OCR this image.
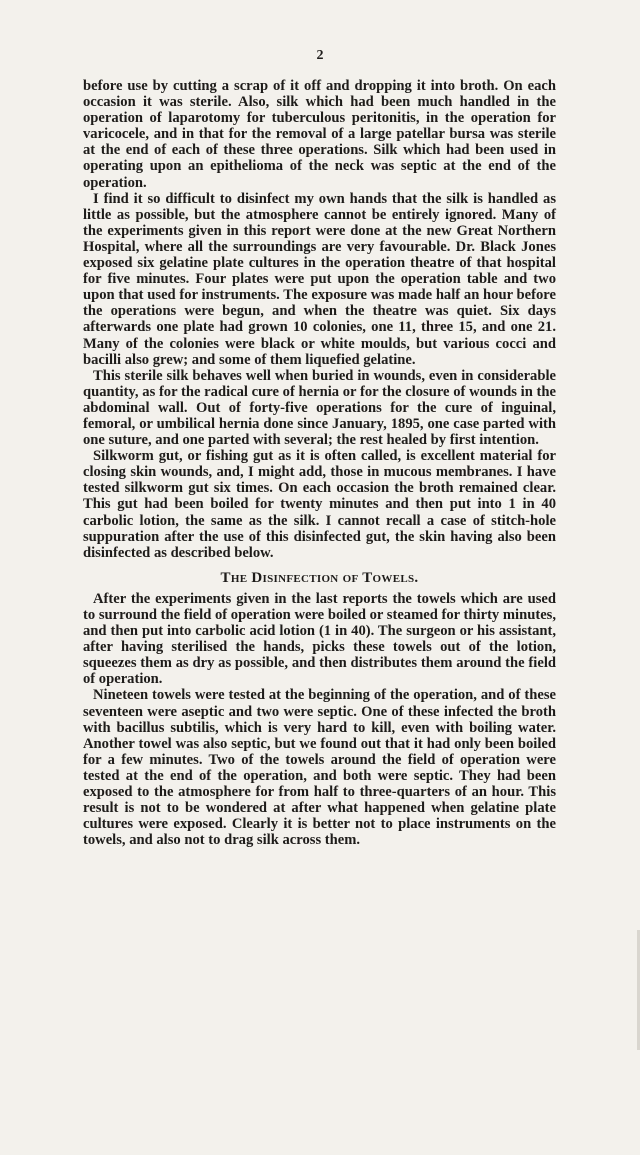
2

before use by cutting a scrap of it off and dropping it into broth. On each occasion it was sterile. Also, silk which had been much handled in the operation of laparotomy for tuberculous peritonitis, in the operation for varicocele, and in that for the removal of a large patellar bursa was sterile at the end of each of these three operations. Silk which had been used in operating upon an epithelioma of the neck was septic at the end of the operation.

I find it so difficult to disinfect my own hands that the silk is handled as little as possible, but the atmosphere cannot be entirely ignored. Many of the experiments given in this report were done at the new Great Northern Hospital, where all the surroundings are very favourable. Dr. Black Jones exposed six gelatine plate cultures in the operation theatre of that hospital for five minutes. Four plates were put upon the operation table and two upon that used for instruments. The exposure was made half an hour before the operations were begun, and when the theatre was quiet. Six days afterwards one plate had grown 10 colonies, one 11, three 15, and one 21. Many of the colonies were black or white moulds, but various cocci and bacilli also grew; and some of them liquefied gelatine.

This sterile silk behaves well when buried in wounds, even in considerable quantity, as for the radical cure of hernia or for the closure of wounds in the abdominal wall. Out of forty-five operations for the cure of inguinal, femoral, or umbilical hernia done since January, 1895, one case parted with one suture, and one parted with several; the rest healed by first intention.

Silkworm gut, or fishing gut as it is often called, is excellent material for closing skin wounds, and, I might add, those in mucous membranes. I have tested silkworm gut six times. On each occasion the broth remained clear. This gut had been boiled for twenty minutes and then put into 1 in 40 carbolic lotion, the same as the silk. I cannot recall a case of stitch-hole suppuration after the use of this disinfected gut, the skin having also been disinfected as described below.

The Disinfection of Towels.

After the experiments given in the last reports the towels which are used to surround the field of operation were boiled or steamed for thirty minutes, and then put into carbolic acid lotion (1 in 40). The surgeon or his assistant, after having sterilised the hands, picks these towels out of the lotion, squeezes them as dry as possible, and then distributes them around the field of operation.

Nineteen towels were tested at the beginning of the operation, and of these seventeen were aseptic and two were septic. One of these infected the broth with bacillus subtilis, which is very hard to kill, even with boiling water. Another towel was also septic, but we found out that it had only been boiled for a few minutes. Two of the towels around the field of operation were tested at the end of the operation, and both were septic. They had been exposed to the atmosphere for from half to three-quarters of an hour. This result is not to be wondered at after what happened when gelatine plate cultures were exposed. Clearly it is better not to place instruments on the towels, and also not to drag silk across them.
